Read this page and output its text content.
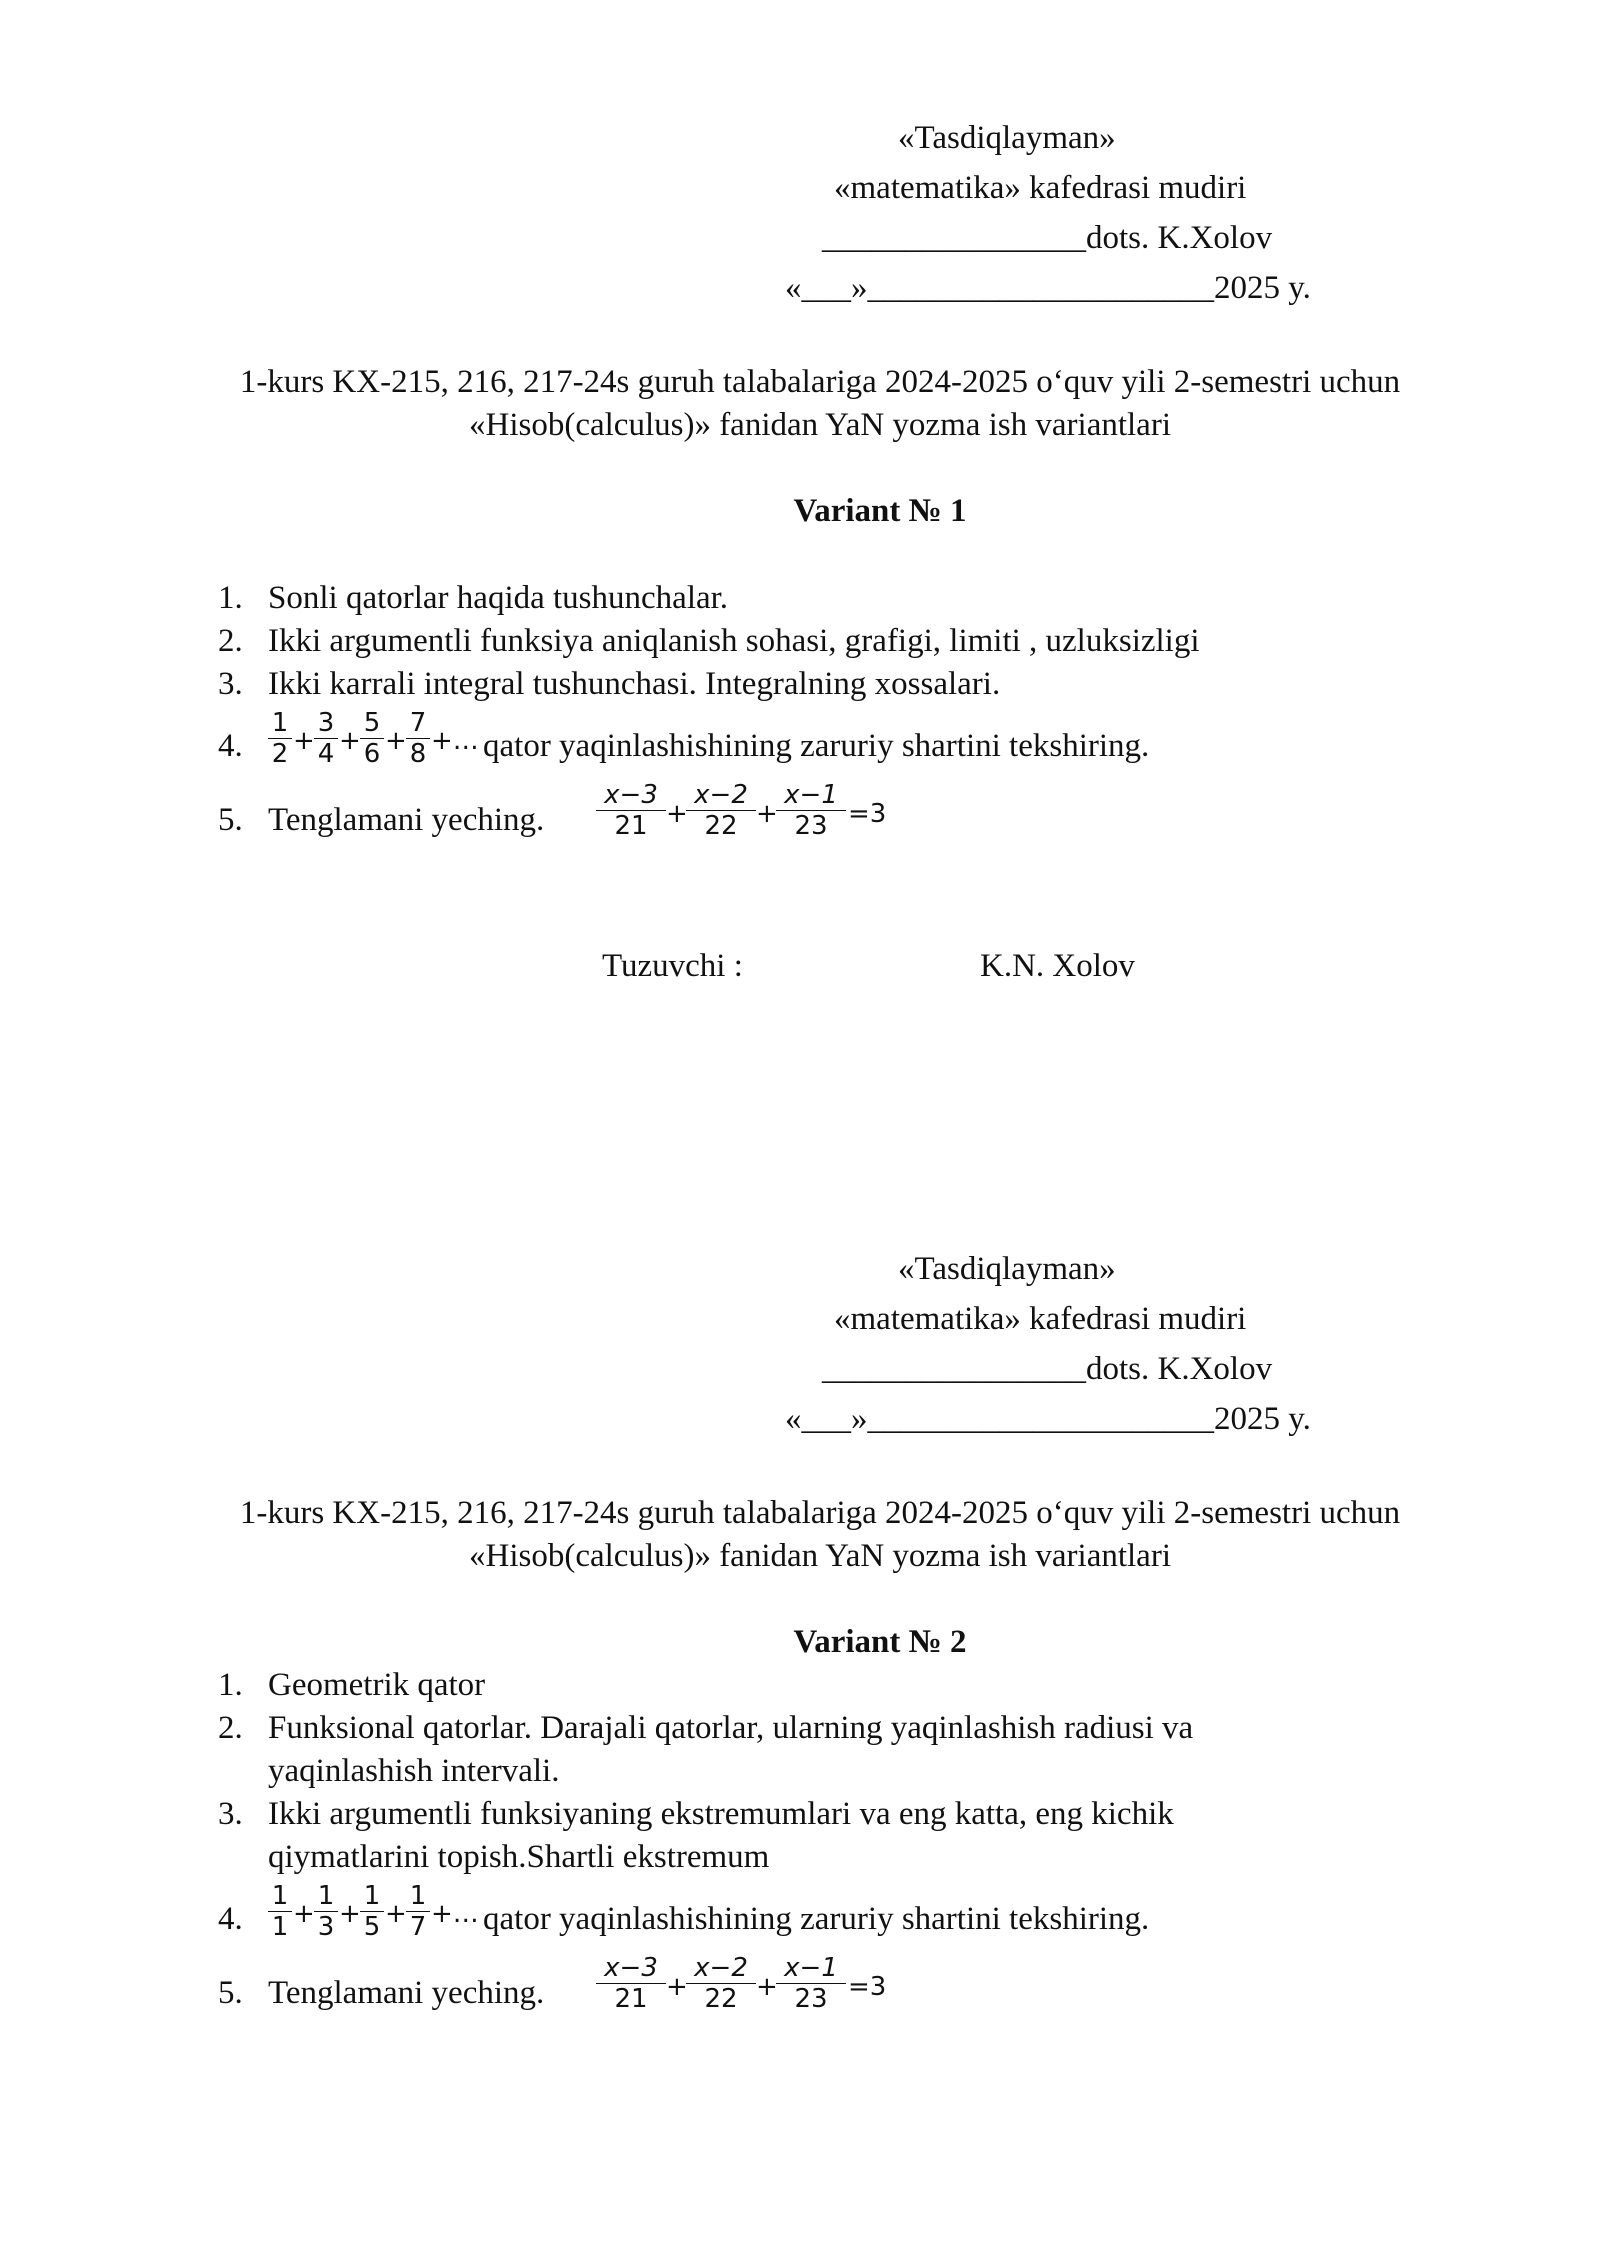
«Tasdiqlayman»
«matematika» kafedrasi mudiri
________________dots. K.Xolov
«___»_____________________2025 y.
1-kurs KX-215, 216, 217-24s guruh talabalariga 2024-2025 o‘quv yili 2-semestri uchun
«Hisob(calculus)» fanidan YaN yozma ish variantlari
Variant № 1
1. Sonli qatorlar haqida tushunchalar.
2. Ikki argumentli funksiya aniqlanish sohasi, grafigi, limiti , uzluksizligi
3. Ikki karrali integral tushunchasi. Integralning xossalari.
4.
1
2 +
3
4 +
5
6 +
7
8 +… qator yaqinlashishining zaruriy shartini tekshiring.
5. Tenglamani yeching.
x−3
21 +
x−2
22 +
x−1
23 =3
Tuzuvchi :	K.N. Xolov
«Tasdiqlayman»
«matematika» kafedrasi mudiri
________________dots. K.Xolov
«___»_____________________2025 y.
1-kurs KX-215, 216, 217-24s guruh talabalariga 2024-2025 o‘quv yili 2-semestri uchun
«Hisob(calculus)» fanidan YaN yozma ish variantlari
Variant № 2
1. Geometrik qator
2. Funksional qatorlar. Darajali qatorlar, ularning yaqinlashish radiusi va
yaqinlashish intervali.
3. Ikki argumentli funksiyaning ekstremumlari va eng katta, eng kichik
qiymatlarini topish.Shartli ekstremum
4.
1
1 +
1
3 +
1
5 +
1
7 +… qator yaqinlashishining zaruriy shartini tekshiring.
5. Tenglamani yeching.
x−3
21 +
x−2
22 +
x−1
23 =3
